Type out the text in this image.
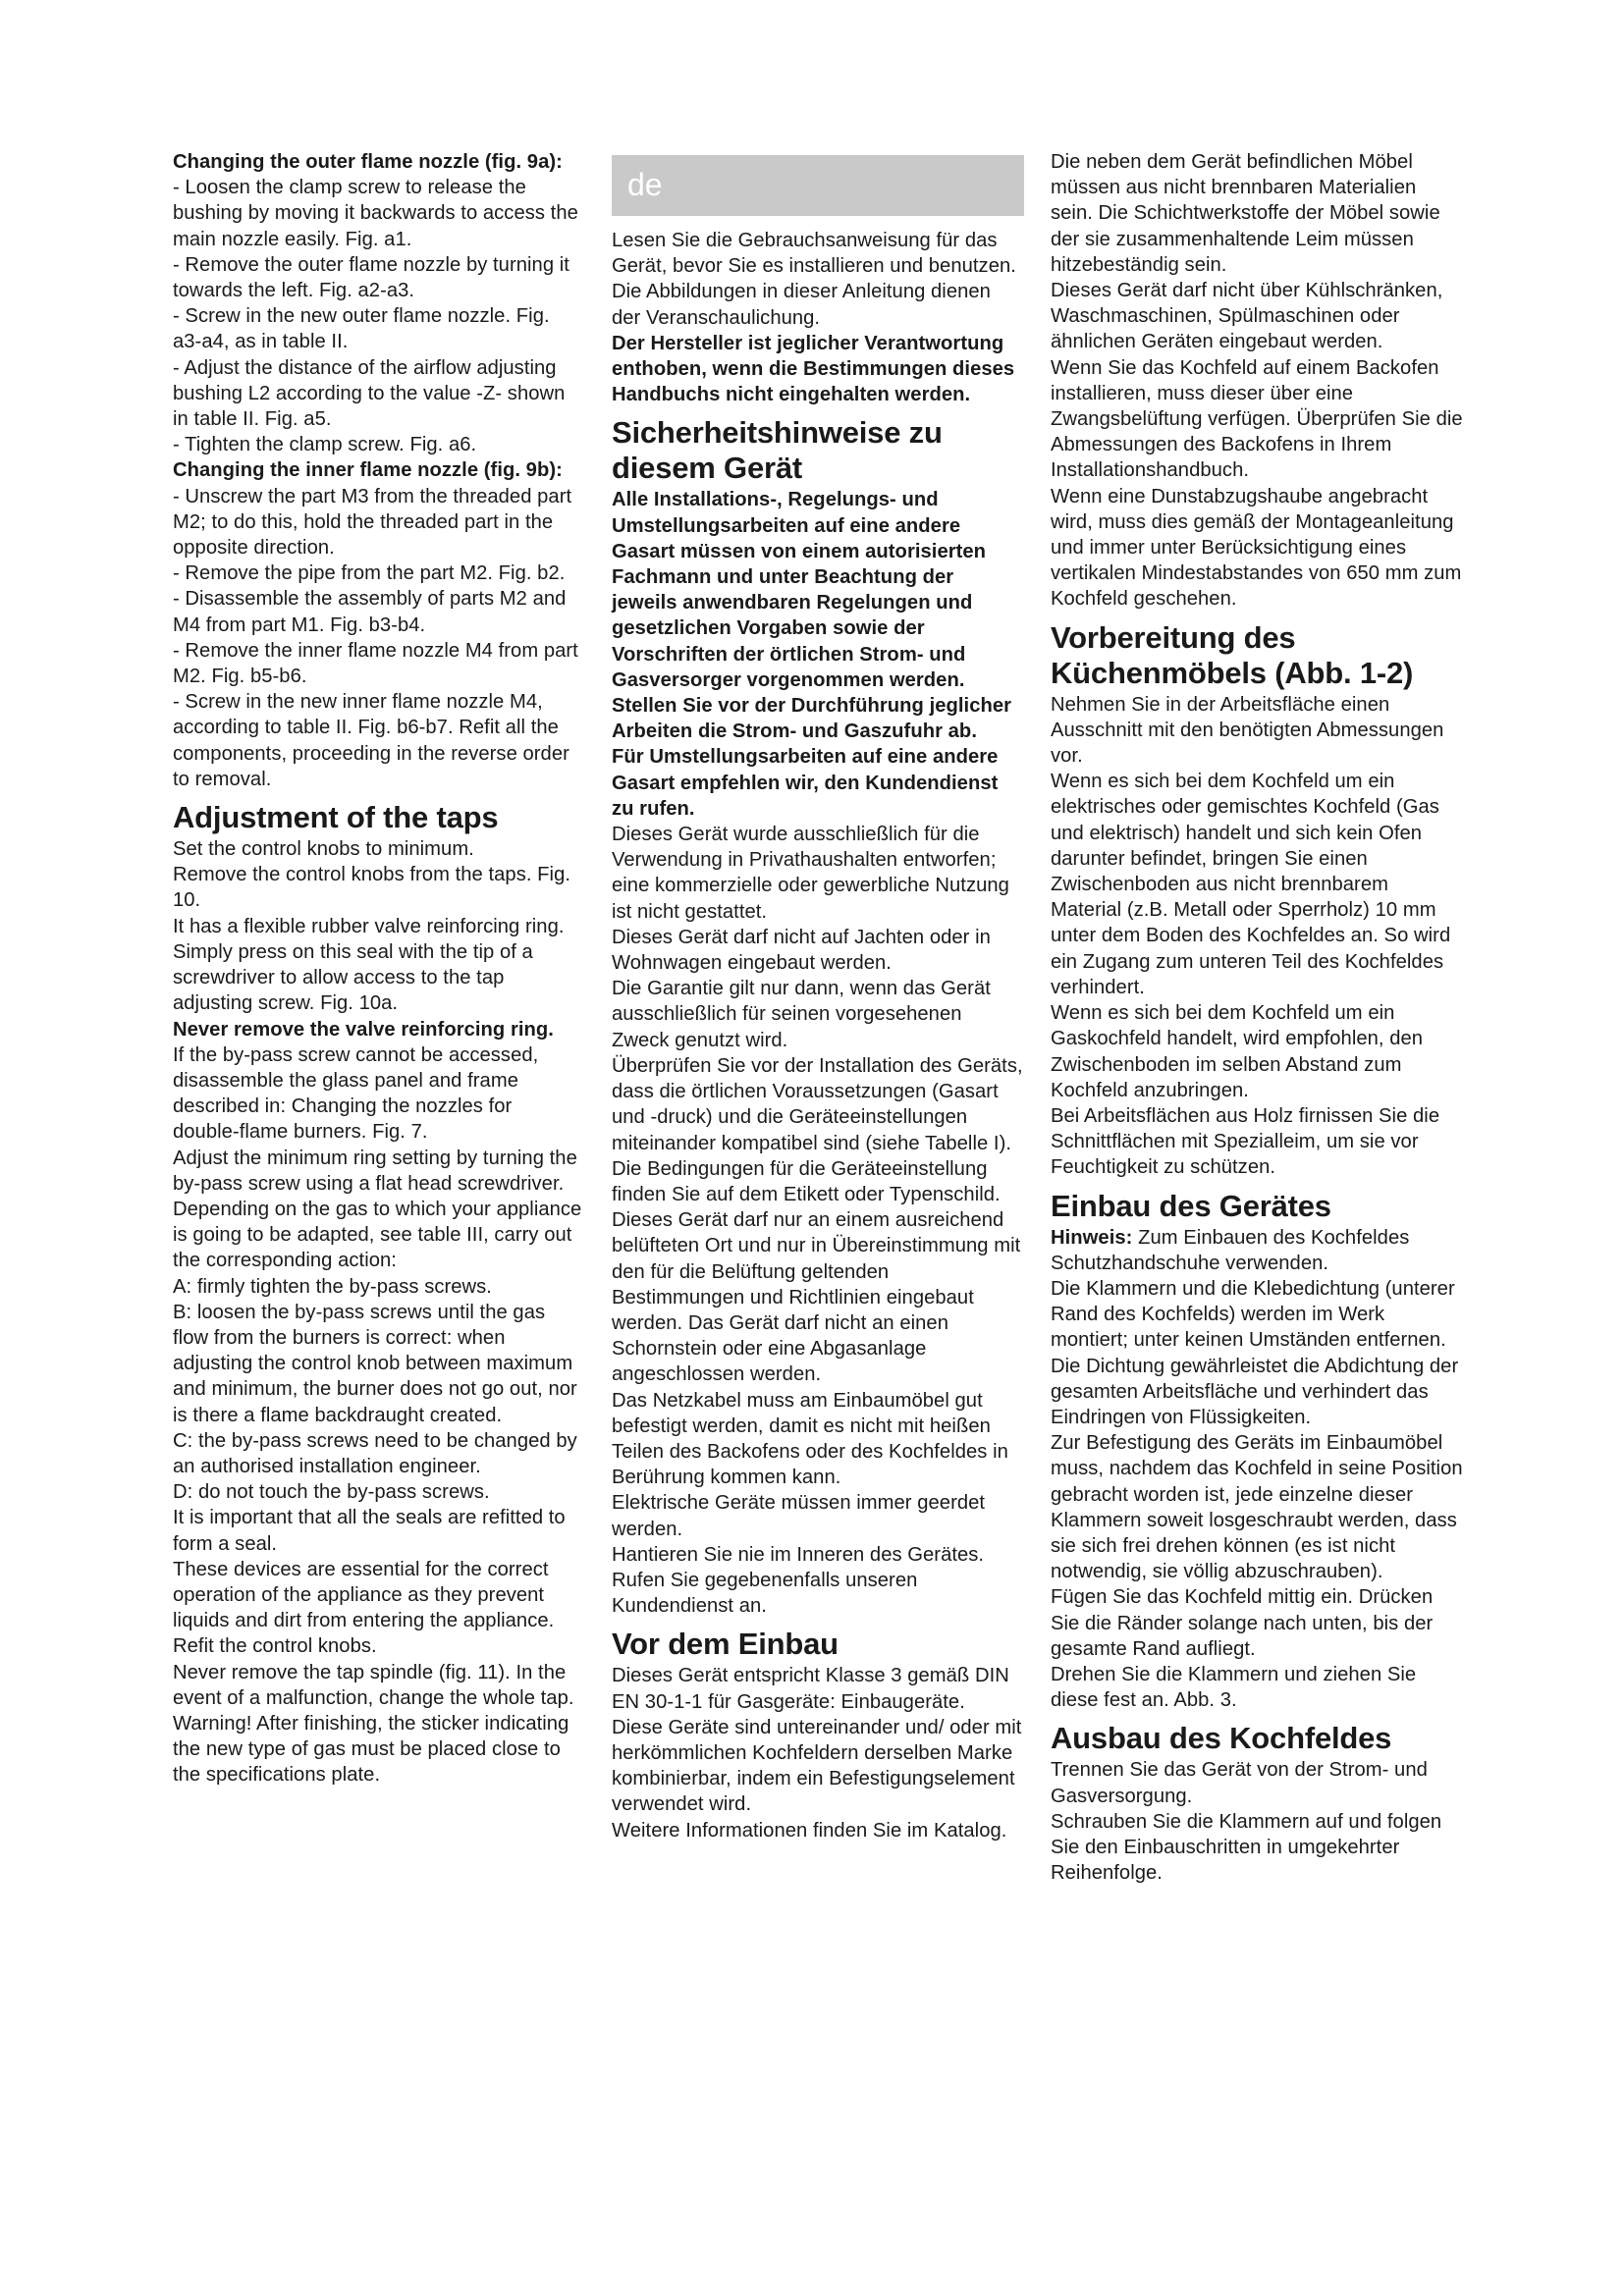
Changing the outer flame nozzle (fig. 9a):

- Loosen the clamp screw to release the bushing by moving it backwards to access the main nozzle easily. Fig. a1.

- Remove the outer flame nozzle by turning it towards the left. Fig. a2-a3.

- Screw in the new outer flame nozzle. Fig. a3-a4, as in table II.

- Adjust the distance of the airflow adjusting bushing L2 according to the value -Z- shown in table II. Fig. a5.

- Tighten the clamp screw. Fig. a6.

Changing the inner flame nozzle (fig. 9b):

- Unscrew the part M3 from the threaded part M2; to do this, hold the threaded part in the opposite direction.

- Remove the pipe from the part M2. Fig. b2.

- Disassemble the assembly of parts M2 and M4 from part M1. Fig. b3-b4.

- Remove the inner flame nozzle M4 from part M2. Fig. b5-b6.

- Screw in the new inner flame nozzle M4, according to table II. Fig. b6-b7. Refit all the components, proceeding in the reverse order to removal.

Adjustment of the taps

Set the control knobs to minimum.

Remove the control knobs from the taps. Fig. 10.

It has a flexible rubber valve reinforcing ring. Simply press on this seal with the tip of a screwdriver to allow access to the tap adjusting screw. Fig. 10a.

Never remove the valve reinforcing ring.

If the by-pass screw cannot be accessed, disassemble the glass panel and frame described in: Changing the nozzles for double-flame burners. Fig. 7.

Adjust the minimum ring setting by turning the by-pass screw using a flat head screwdriver.

Depending on the gas to which your appliance is going to be adapted, see table III, carry out the corresponding action:

A: firmly tighten the by-pass screws.

B: loosen the by-pass screws until the gas flow from the burners is correct: when adjusting the control knob between maximum and minimum, the burner does not go out, nor is there a flame backdraught created.

C: the by-pass screws need to be changed by an authorised installation engineer.

D: do not touch the by-pass screws.

It is important that all the seals are refitted to form a seal.

These devices are essential for the correct operation of the appliance as they prevent liquids and dirt from entering the appliance.

Refit the control knobs.

Never remove the tap spindle (fig. 11). In the event of a malfunction, change the whole tap.

Warning! After finishing, the sticker indicating the new type of gas must be placed close to the specifications plate.

de

Lesen Sie die Gebrauchsanweisung für das Gerät, bevor Sie es installieren und benutzen.

Die Abbildungen in dieser Anleitung dienen der Veranschaulichung.

Der Hersteller ist jeglicher Verantwortung enthoben, wenn die Bestimmungen dieses Handbuchs nicht eingehalten werden.

Sicherheitshinweise zu diesem Gerät

Alle Installations-, Regelungs- und Umstellungsarbeiten auf eine andere Gasart müssen von einem autorisierten Fachmann und unter Beachtung der jeweils anwendbaren Regelungen und gesetzlichen Vorgaben sowie der Vorschriften der örtlichen Strom- und Gasversorger vorgenommen werden.

Stellen Sie vor der Durchführung jeglicher Arbeiten die Strom- und Gaszufuhr ab.

Für Umstellungsarbeiten auf eine andere Gasart empfehlen wir, den Kundendienst zu rufen.

Dieses Gerät wurde ausschließlich für die Verwendung in Privathaushalten entworfen; eine kommerzielle oder gewerbliche Nutzung ist nicht gestattet.

Dieses Gerät darf nicht auf Jachten oder in Wohnwagen eingebaut werden.

Die Garantie gilt nur dann, wenn das Gerät ausschließlich für seinen vorgesehenen Zweck genutzt wird.

Überprüfen Sie vor der Installation des Geräts, dass die örtlichen Voraussetzungen (Gasart und -druck) und die Geräteeinstellungen miteinander kompatibel sind (siehe Tabelle I). Die Bedingungen für die Geräteeinstellung finden Sie auf dem Etikett oder Typenschild.

Dieses Gerät darf nur an einem ausreichend belüfteten Ort und nur in Übereinstimmung mit den für die Belüftung geltenden Bestimmungen und Richtlinien eingebaut werden. Das Gerät darf nicht an einen Schornstein oder eine Abgasanlage angeschlossen werden.

Das Netzkabel muss am Einbaumöbel gut befestigt werden, damit es nicht mit heißen Teilen des Backofens oder des Kochfeldes in Berührung kommen kann.

Elektrische Geräte müssen immer geerdet werden.

Hantieren Sie nie im Inneren des Gerätes. Rufen Sie gegebenenfalls unseren Kundendienst an.

Vor dem Einbau

Dieses Gerät entspricht Klasse 3 gemäß DIN EN 30-1-1 für Gasgeräte: Einbaugeräte.

Diese Geräte sind untereinander und/ oder mit herkömmlichen Kochfeldern derselben Marke kombinierbar, indem ein Befestigungselement verwendet wird.

Weitere Informationen finden Sie im Katalog.

Die neben dem Gerät befindlichen Möbel müssen aus nicht brennbaren Materialien sein. Die Schichtwerkstoffe der Möbel sowie der sie zusammenhaltende Leim müssen hitzebeständig sein.

Dieses Gerät darf nicht über Kühlschränken, Waschmaschinen, Spülmaschinen oder ähnlichen Geräten eingebaut werden.

Wenn Sie das Kochfeld auf einem Backofen installieren, muss dieser über eine Zwangsbelüftung verfügen. Überprüfen Sie die Abmessungen des Backofens in Ihrem Installationshandbuch.

Wenn eine Dunstabzugshaube angebracht wird, muss dies gemäß der Montageanleitung und immer unter Berücksichtigung eines vertikalen Mindestabstandes von 650 mm zum Kochfeld geschehen.

Vorbereitung des Küchenmöbels (Abb. 1-2)

Nehmen Sie in der Arbeitsfläche einen Ausschnitt mit den benötigten Abmessungen vor.

Wenn es sich bei dem Kochfeld um ein elektrisches oder gemischtes Kochfeld (Gas und elektrisch) handelt und sich kein Ofen darunter befindet, bringen Sie einen Zwischenboden aus nicht brennbarem Material (z.B. Metall oder Sperrholz) 10 mm unter dem Boden des Kochfeldes an. So wird ein Zugang zum unteren Teil des Kochfeldes verhindert.

Wenn es sich bei dem Kochfeld um ein Gaskochfeld handelt, wird empfohlen, den Zwischenboden im selben Abstand zum Kochfeld anzubringen.

Bei Arbeitsflächen aus Holz firnissen Sie die Schnittflächen mit Spezialleim, um sie vor Feuchtigkeit zu schützen.

Einbau des Gerätes

Hinweis: Zum Einbauen des Kochfeldes Schutzhandschuhe verwenden.

Die Klammern und die Klebedichtung (unterer Rand des Kochfelds) werden im Werk montiert; unter keinen Umständen entfernen. Die Dichtung gewährleistet die Abdichtung der gesamten Arbeitsfläche und verhindert das Eindringen von Flüssigkeiten.

Zur Befestigung des Geräts im Einbaumöbel muss, nachdem das Kochfeld in seine Position gebracht worden ist, jede einzelne dieser Klammern soweit losgeschraubt werden, dass sie sich frei drehen können (es ist nicht notwendig, sie völlig abzuschrauben).

Fügen Sie das Kochfeld mittig ein. Drücken Sie die Ränder solange nach unten, bis der gesamte Rand aufliegt.

Drehen Sie die Klammern und ziehen Sie diese fest an. Abb. 3.

Ausbau des Kochfeldes

Trennen Sie das Gerät von der Strom- und Gasversorgung.

Schrauben Sie die Klammern auf und folgen Sie den Einbauschritten in umgekehrter Reihenfolge.
